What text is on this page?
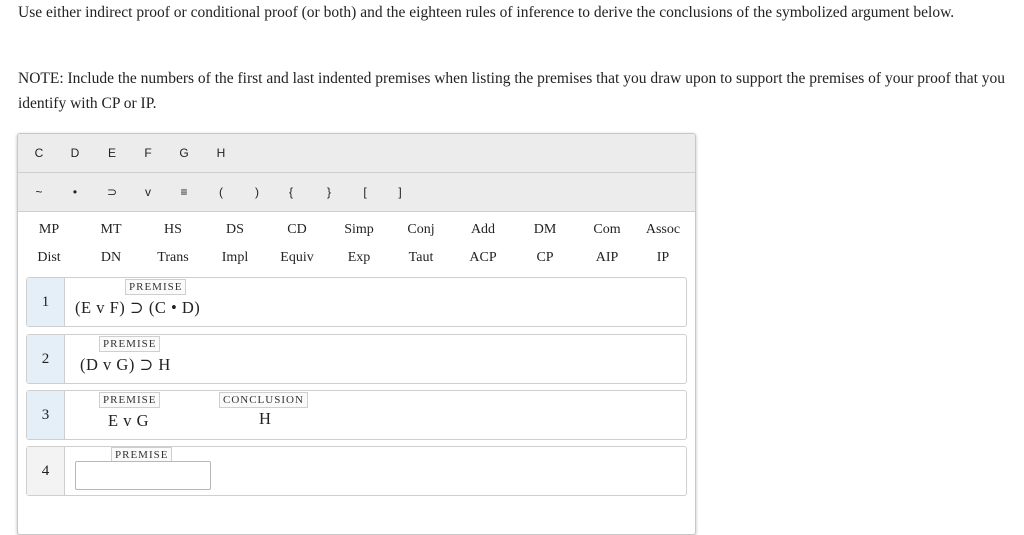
Use either indirect proof or conditional proof (or both) and the eighteen rules of inference to derive the conclusions of the symbolized argument below.

NOTE: Include the numbers of the first and last indented premises when listing the premises that you draw upon to support the premises of your proof that you identify with CP or IP.

C D E F G H
~	• ⊃ v ≡	(	) {	}	[	]
MP	MT	HS	DS	CD	Simp	Conj	Add	DM	Com	Assoc
Dist	DN	Trans	Impl	Equiv	Exp	Taut	ACP	CP	AIP	IP
1
PREMISE
(E v F) ⊃ (C • D)
2
PREMISE
(D v G) ⊃ H
3
PREMISE
E v G
CONCLUSION
H
4
PREMISE
